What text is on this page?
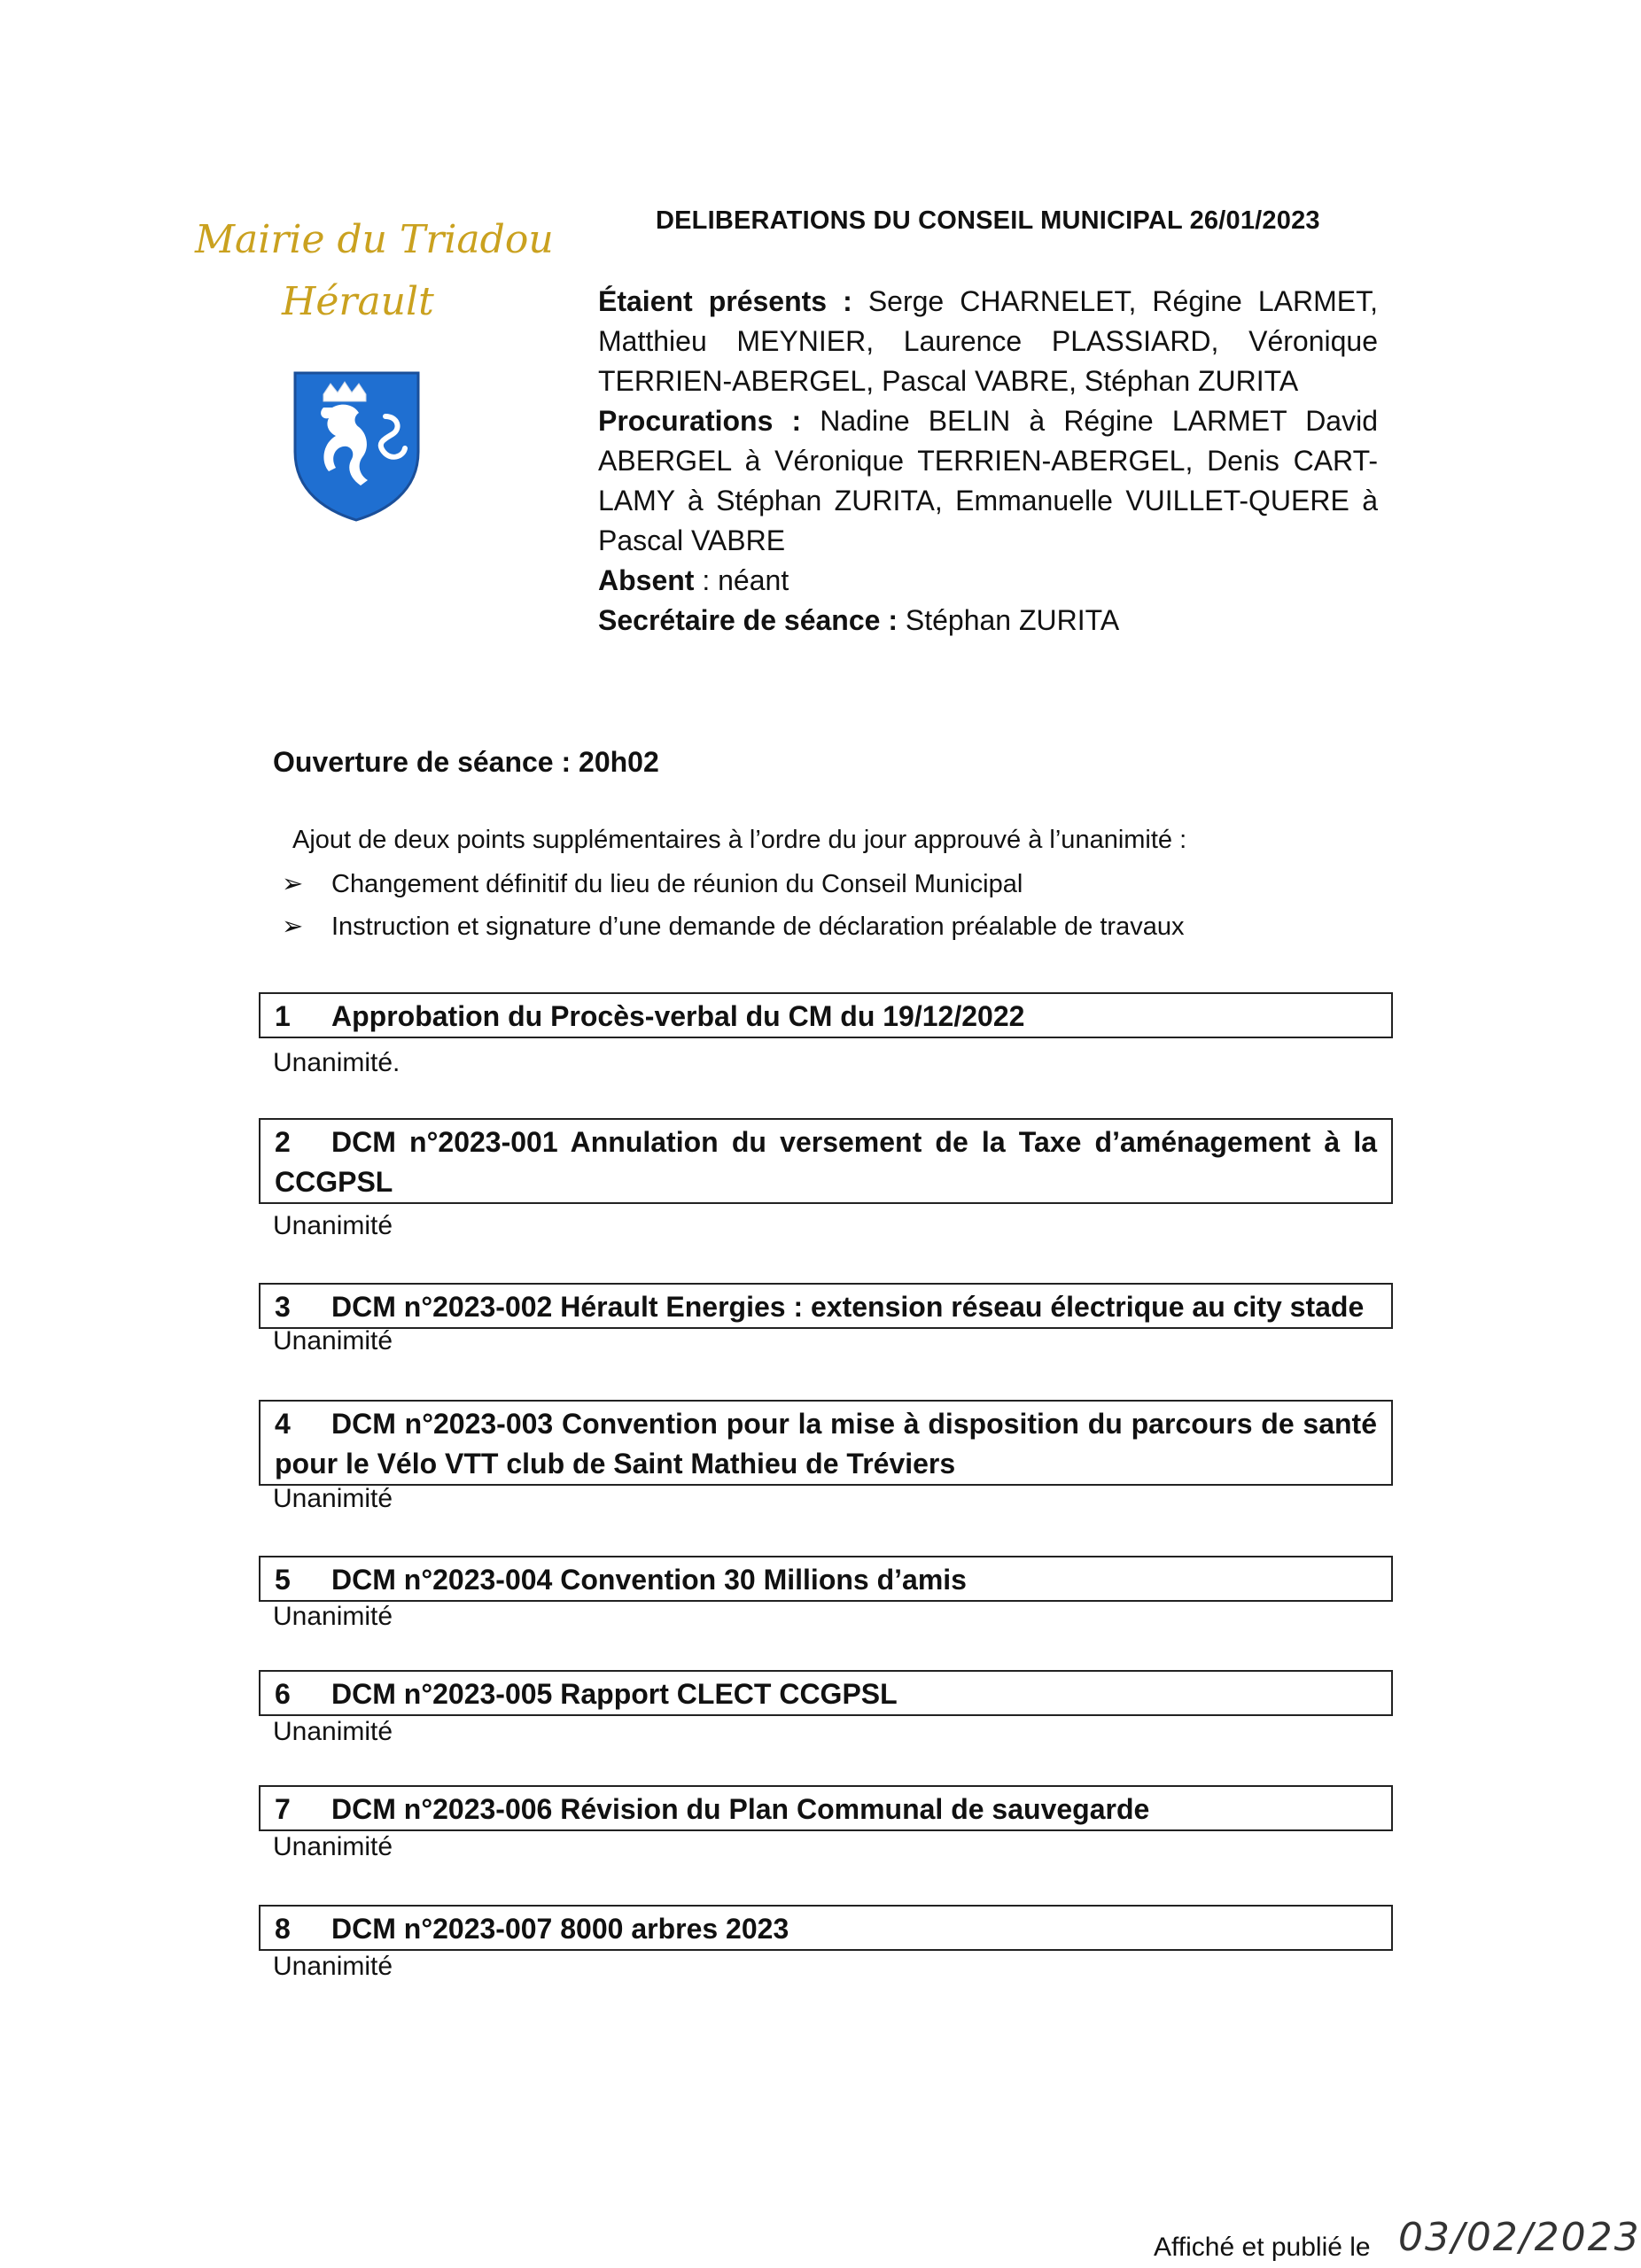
Mairie du Triadou
Hérault
DELIBERATIONS DU CONSEIL MUNICIPAL 26/01/2023

Étaient présents : Serge CHARNELET, Régine LARMET, Matthieu MEYNIER, Laurence PLASSIARD, Véronique TERRIEN-ABERGEL, Pascal VABRE, Stéphan ZURITA

Procurations : Nadine BELIN à Régine LARMET David ABERGEL à Véronique TERRIEN-ABERGEL, Denis CART-LAMY à Stéphan ZURITA, Emmanuelle VUILLET-QUERE à Pascal VABRE

Absent : néant

Secrétaire de séance : Stéphan ZURITA

Ouverture de séance : 20h02
Ajout de deux points supplémentaires à l’ordre du jour approuvé à l’unanimité :
➢ Changement définitif du lieu de réunion du Conseil Municipal
➢ Instruction et signature d’une demande de déclaration préalable de travaux
1 Approbation du Procès-verbal du CM du 19/12/2022
Unanimité.
2 DCM n°2023-001 Annulation du versement de la Taxe d’aménagement à la CCGPSL
Unanimité
3 DCM n°2023-002 Hérault Energies : extension réseau électrique au city stade
Unanimité
4 DCM n°2023-003 Convention pour la mise à disposition du parcours de santé pour le Vélo VTT club de Saint Mathieu de Tréviers
Unanimité
5 DCM n°2023-004 Convention 30 Millions d’amis
Unanimité
6 DCM n°2023-005 Rapport CLECT CCGPSL
Unanimité
7 DCM n°2023-006 Révision du Plan Communal de sauvegarde
Unanimité
8 DCM n°2023-007 8000 arbres 2023
Unanimité
Affiché et publié le 03/02/2023
